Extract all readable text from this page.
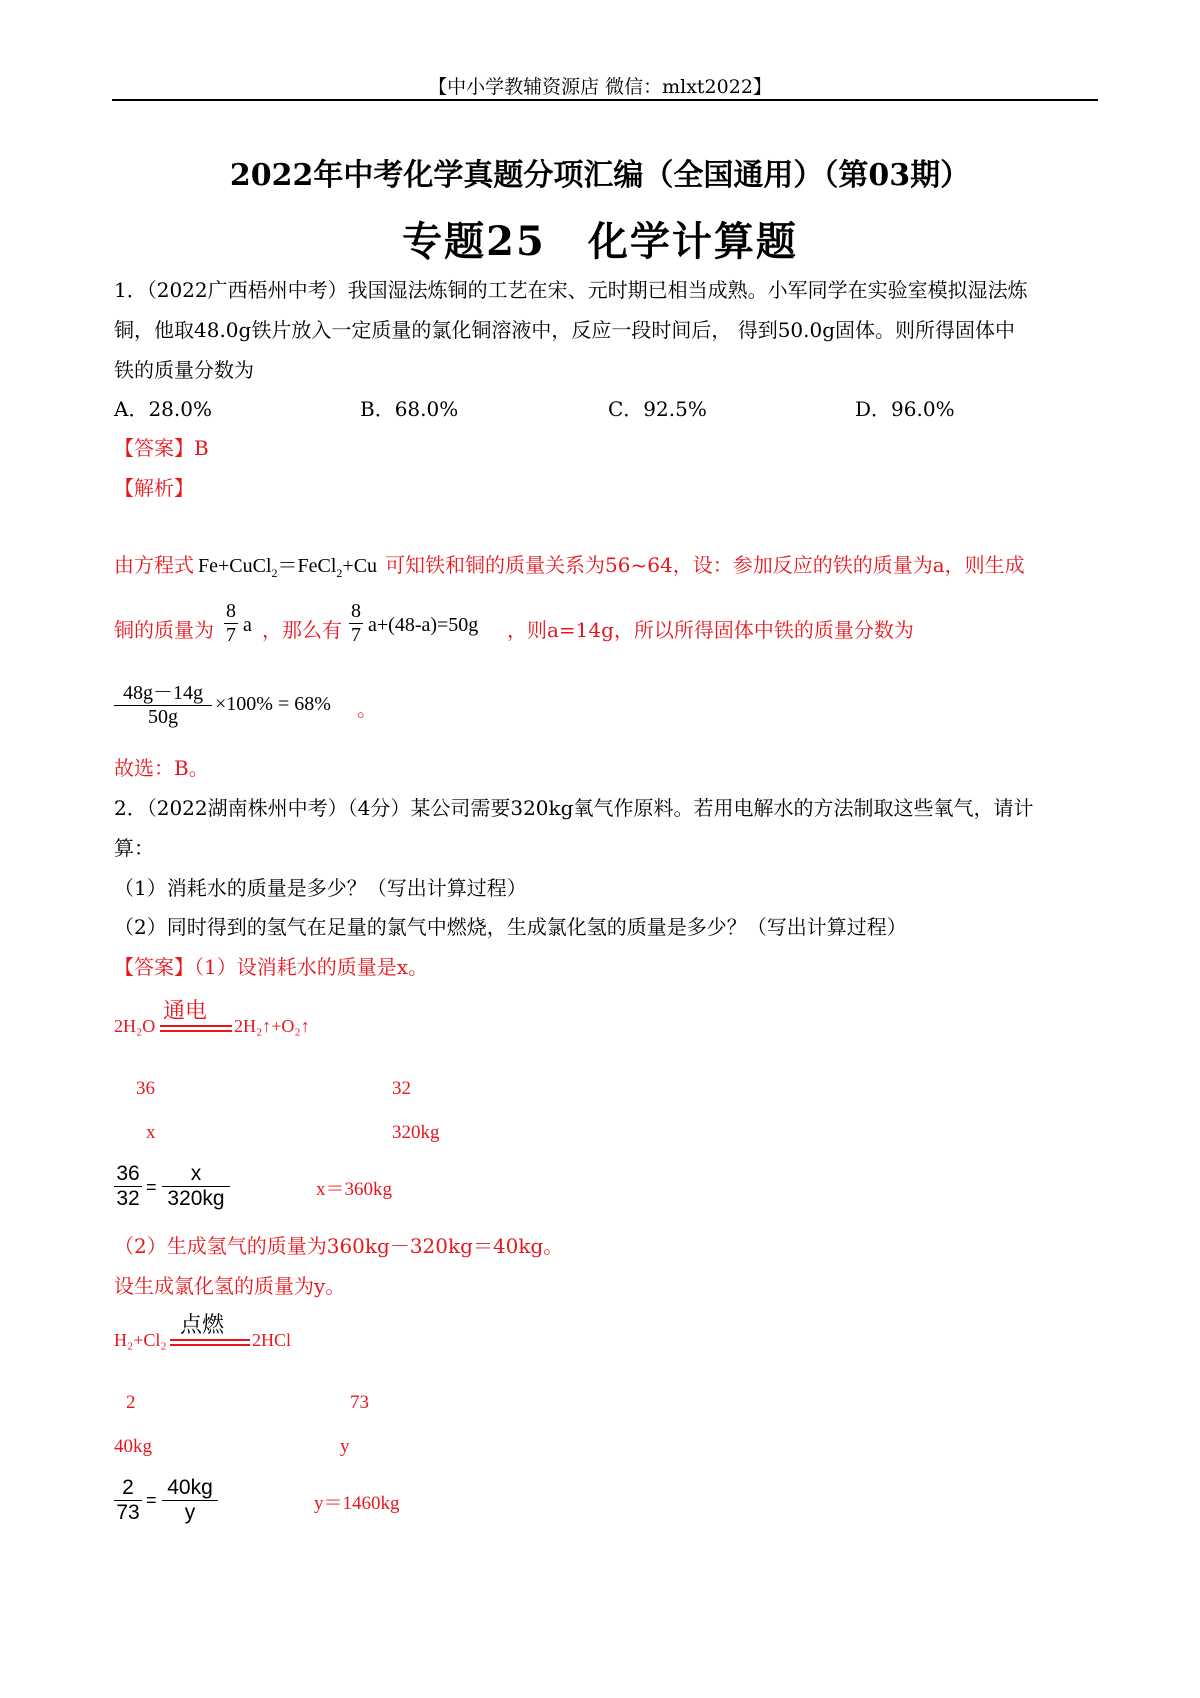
【中小学教辅资源店 微信：mlxt2022】
2022年中考化学真题分项汇编（全国通用）（第03期）
专题25　化学计算题
1．（2022广西梧州中考）我国湿法炼铜的工艺在宋、元时期已相当成熟。小军同学在实验室模拟湿法炼
铜，他取48.0g铁片放入一定质量的氯化铜溶液中，反应一段时间后， 得到50.0g固体。则所得固体中
铁的质量分数为
A．28.0%	B．68.0%	C．92.5%	D．96.0%
【答案】B
【解析】
由方程式 Fe+CuCl$_2$＝FeCl$_2$+Cu 可知铁和铜的质量关系为56~64，设：参加反应的铁的质量为a，则生成
铜的质量为
8
7 a ，那么有
8
7 a+(48-a)=50g ，则a=14g，所以所得固体中铁的质量分数为
48g－14g
50g
×100% = 68% 。
故选：B。
2．（2022湖南株州中考）（4分）某公司需要320kg氧气作原料。若用电解水的方法制取这些氧气，请计
算：
（1）消耗水的质量是多少？（写出计算过程）
（2）同时得到的氢气在足量的氯气中燃烧，生成氯化氢的质量是多少？（写出计算过程）
【答案】（1）设消耗水的质量是x。
通电
2H₂O	2H₂↑+O₂↑
36	32
x	320kg
36
32 =
x
320kg	x＝360kg
（2）生成氢气的质量为360kg－320kg＝40kg。
设生成氯化氢的质量为y。
点燃
H₂+Cl₂	2HCl
2	73
40kg	y
2
73
=
40kg
y	y＝1460kg
